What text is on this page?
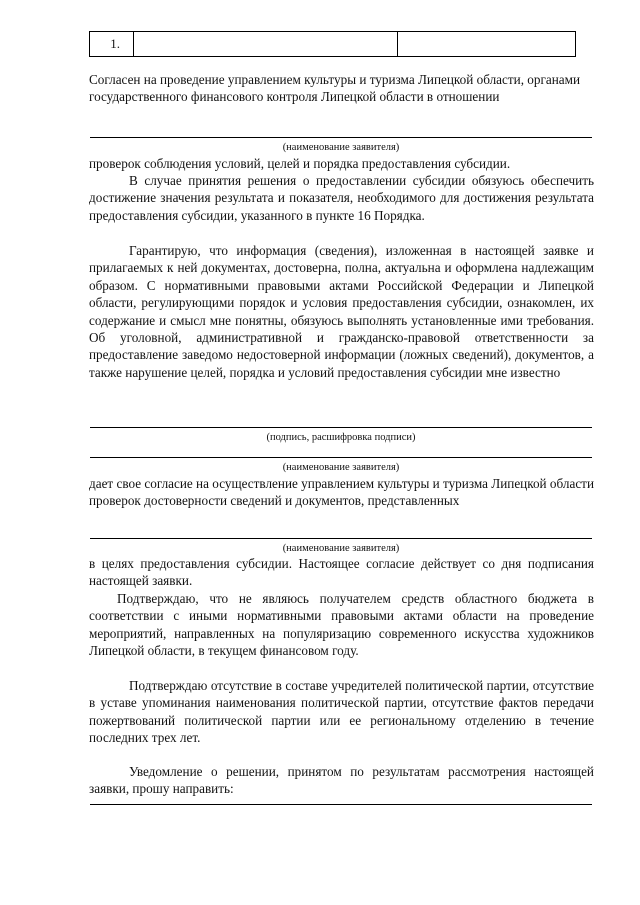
1.

Согласен на проведение управлением культуры и туризма Липецкой области, органами государственного финансового контроля Липецкой области в отношении

(наименование заявителя)

проверок соблюдения условий, целей и порядка предоставления субсидии.

В случае принятия решения о предоставлении субсидии обязуюсь обеспечить достижение значения результата и показателя, необходимого для достижения результата предоставления субсидии, указанного в пункте 16 Порядка.

Гарантирую, что информация (сведения), изложенная в настоящей заявке и прилагаемых к ней документах, достоверна, полна, актуальна и оформлена надлежащим образом. С нормативными правовыми актами Российской Федерации и Липецкой области, регулирующими порядок и условия предоставления субсидии, ознакомлен, их содержание и смысл мне понятны, обязуюсь выполнять установленные ими требования. Об уголовной, административной и гражданско-правовой ответственности за предоставление заведомо недостоверной информации (ложных сведений), документов, а также нарушение целей, порядка и условий предоставления субсидии мне известно

(подпись, расшифровка подписи)
(наименование заявителя)

дает свое согласие на осуществление управлением культуры и туризма Липецкой области проверок достоверности сведений и документов, представленных

(наименование заявителя)

в целях предоставления субсидии. Настоящее согласие действует со дня подписания настоящей заявки.

Подтверждаю, что не являюсь получателем средств областного бюджета в соответствии с иными нормативными правовыми актами области на проведение мероприятий, направленных на популяризацию современного искусства художников Липецкой области, в текущем финансовом году.

Подтверждаю отсутствие в составе учредителей политической партии, отсутствие в уставе упоминания наименования политической партии, отсутствие фактов передачи пожертвований политической партии или ее региональному отделению в течение последних трех лет.

Уведомление о решении, принятом по результатам рассмотрения настоящей заявки, прошу направить:
